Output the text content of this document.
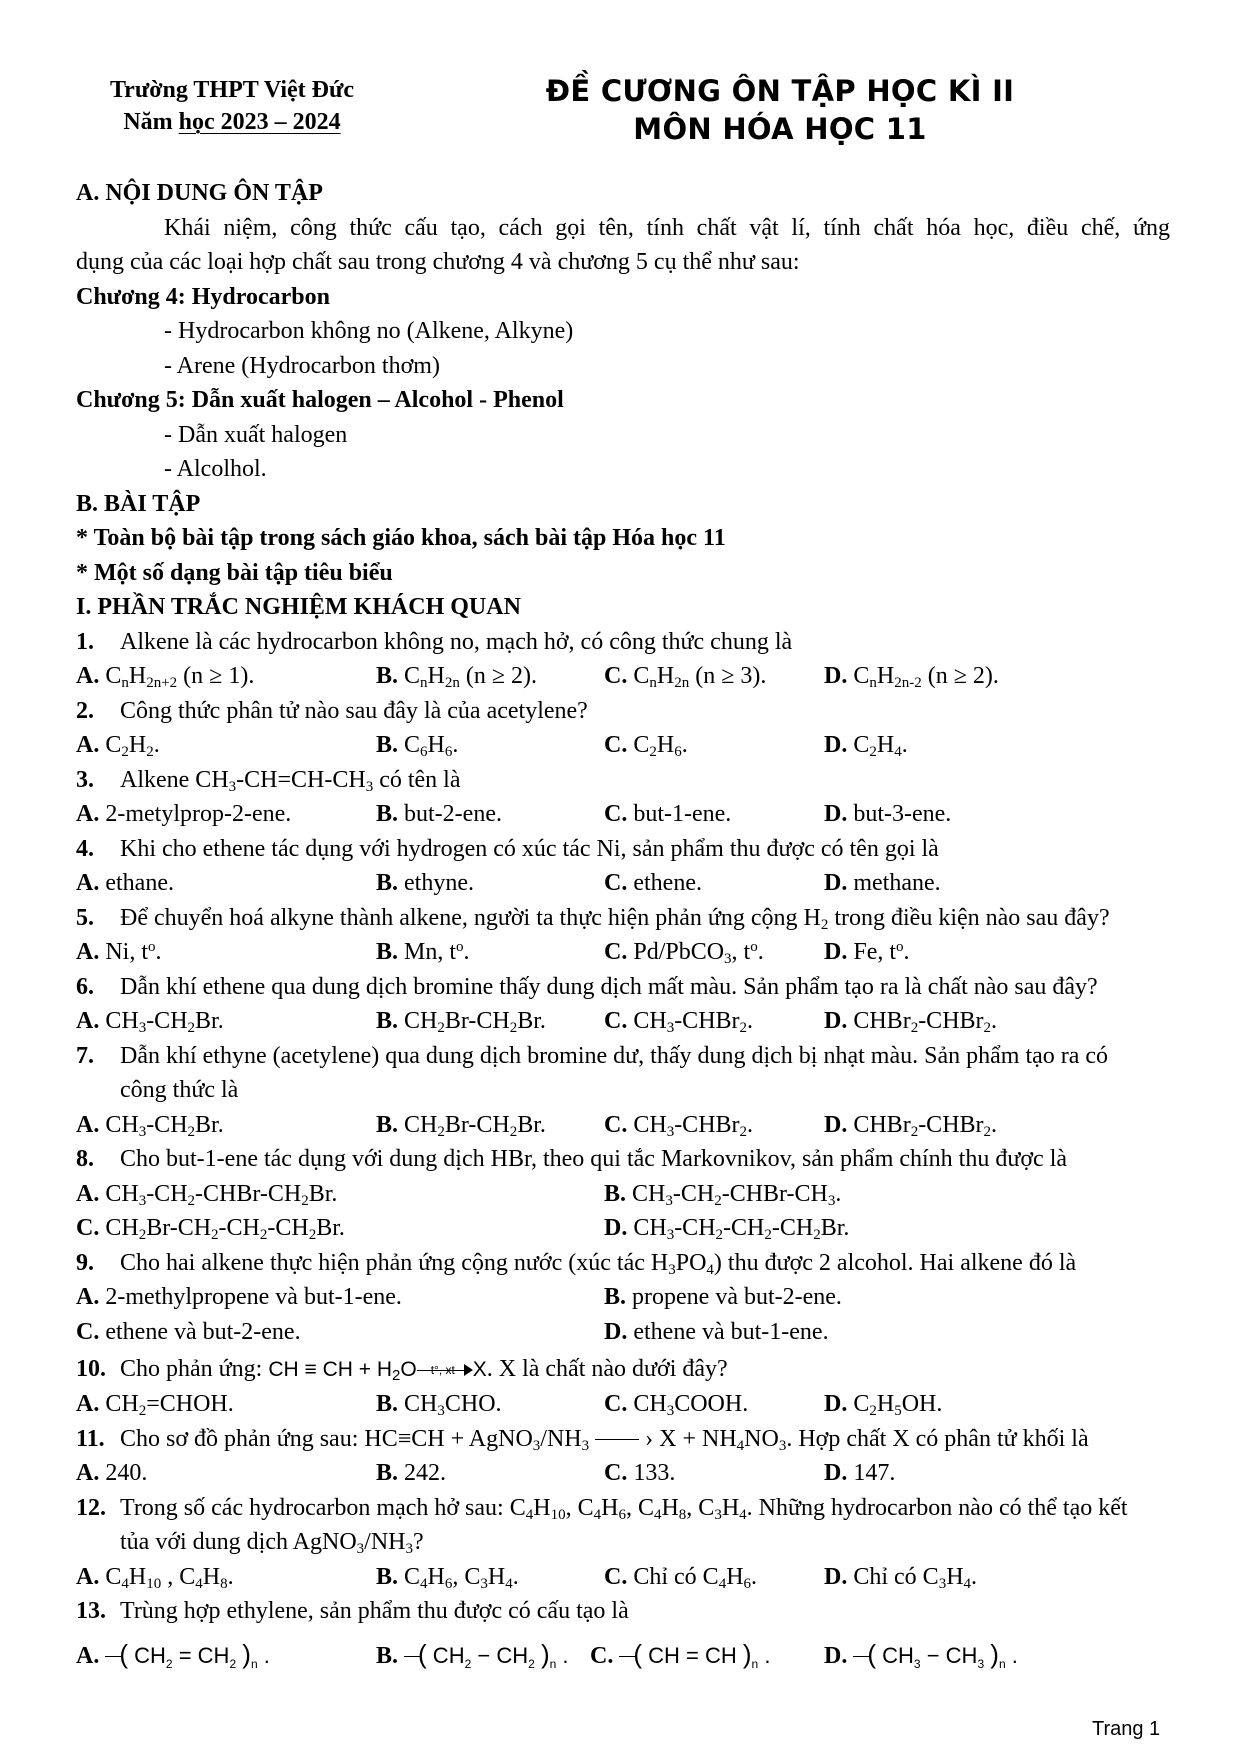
Trường THPT Việt Đức
Năm học 2023 – 2024
ĐỀ CƯƠNG ÔN TẬP HỌC KÌ II
MÔN HÓA HỌC 11
A. NỘI DUNG ÔN TẬP
Khái niệm, công thức cấu tạo, cách gọi tên, tính chất vật lí, tính chất hóa học, điều chế, ứng
dụng của các loại hợp chất sau trong chương 4 và chương 5 cụ thể như sau:
Chương 4: Hydrocarbon
- Hydrocarbon không no (Alkene, Alkyne)
- Arene (Hydrocarbon thơm)
Chương 5: Dẫn xuất halogen – Alcohol - Phenol
- Dẫn xuất halogen
- Alcolhol.
B. BÀI TẬP
* Toàn bộ bài tập trong sách giáo khoa, sách bài tập Hóa học 11
* Một số dạng bài tập tiêu biểu
I. PHẦN TRẮC NGHIỆM KHÁCH QUAN
1. Alkene là các hydrocarbon không no, mạch hở, có công thức chung là
A. $C_nH_{2n+2}$ (n ≥ 1).	B. $C_nH_{2n}$ (n ≥ 2).	C. $C_nH_{2n}$ (n ≥ 3). D. $C_nH_{2n-2}$ (n ≥ 2).
2. Công thức phân tử nào sau đây là của acetylene?
A. $C_2H_2$.	B. $C_6H_6$.	C. $C_2H_6$.	D. $C_2H_4$.
3. Alkene $CH_3-CH=CH-CH_3$ có tên là
A. 2-metylprop-2-ene.	B. but-2-ene.	C. but-1-ene.	D. but-3-ene.
4. Khi cho ethene tác dụng với hydrogen có xúc tác Ni, sản phẩm thu được có tên gọi là
A. ethane.	B. ethyne.	C. ethene.	D. methane.
5. Để chuyển hoá alkyne thành alkene, người ta thực hiện phản ứng cộng $H_2$ trong điều kiện nào sau đây?
A. Ni, $t^o$.	B. Mn, $t^o$.	C. Pd/PbCO$_3$, $t^o$.	D. Fe, $t^o$.
6. Dẫn khí ethene qua dung dịch bromine thấy dung dịch mất màu. Sản phẩm tạo ra là chất nào sau đây?
A. $CH_3-CH_2Br$.	B. $CH_2Br-CH_2Br$. C. $CH_3-CHBr_2$.	D. CHBr$_2$-CHBr$_2$.
7. Dẫn khí ethyne (acetylene) qua dung dịch bromine dư, thấy dung dịch bị nhạt màu. Sản phẩm tạo ra có
công thức là
A. $CH_3-CH_2Br$.	B. $CH_2Br-CH_2Br$. C. $CH_3-CHBr_2$.	D. CHBr$_2$-CHBr$_2$.
8. Cho but-1-ene tác dụng với dung dịch HBr, theo qui tắc Markovnikov, sản phẩm chính thu được là
A. $CH_3-CH_2-CHBr-CH_2Br$.	B. $CH_3-CH_2-CHBr-CH_3$.
C. $CH_2Br-CH_2-CH_2-CH_2Br$.	D. $CH_3-CH_2-CH_2-CH_2Br$.
9. Cho hai alkene thực hiện phản ứng cộng nước (xúc tác $H_3PO_4$) thu được 2 alcohol. Hai alkene đó là
A. 2-methylpropene và but-1-ene.	B. propene và but-2-ene.
C. ethene và but-2-ene.	D. ethene và but-1-ene.
10. Cho phản ứng: CH ≡ CH + $H_2O$ t°, xt X. X là chất nào dưới đây?
A. $CH_2=CHOH$.	B. $CH_3CHO$.	C. $CH_3COOH$.	D. $C_2H_5OH$.
11. Cho sơ đồ phản ứng sau: $HC\equiv CH + AgNO_3/NH_3$ › $X + NH_4NO_3$. Hợp chất X có phân tử khối là
A. 240.	B. 242.	C. 133.	D. 147.
12. Trong số các hydrocarbon mạch hở sau: $C_4H_{10}$, $C_4H_6$, $C_4H_8$, $C_3H_4$. Những hydrocarbon nào có thể tạo kết
tủa với dung dịch $AgNO_3/NH_3$?
A. $C_4H_{10}$ , $C_4H_8$.	B. $C_4H_6$, $C_3H_4$.	C. Chỉ có $C_4H_6$.	D. Chỉ có $C_3H_4$.
13. Trùng hợp ethylene, sản phẩm thu được có cấu tạo là
A. ( $CH_2 = CH_2$ )$_n$ .	B. ( $CH_2 - CH_2$ )$_n$ . C. ( CH = CH )$_n$ . D. ( $CH_3 - CH_3$ )$_n$ .
Trang 1
